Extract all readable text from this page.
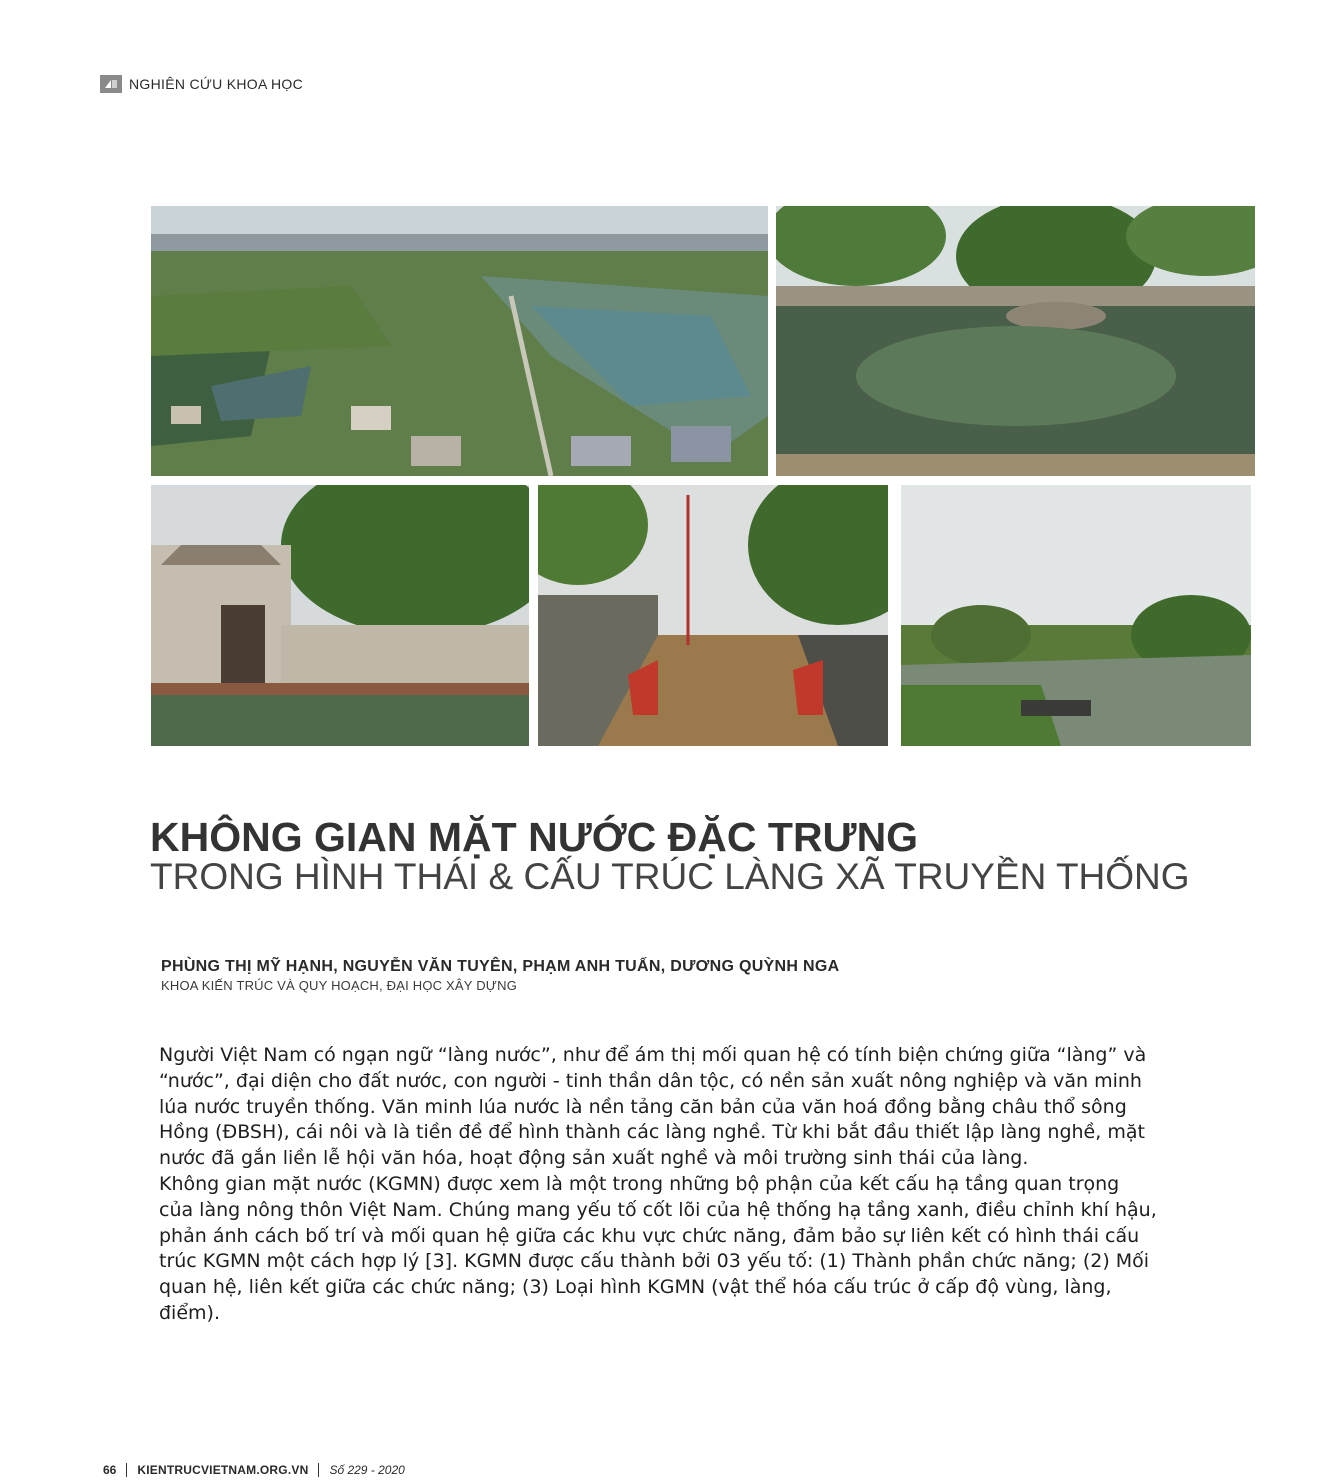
NGHIÊN CỨU KHOA HỌC
KHÔNG GIAN MẶT NƯỚC ĐẶC TRƯNG
TRONG HÌNH THÁI & CẤU TRÚC LÀNG XÃ TRUYỀN THỐNG
PHÙNG THỊ MỸ HẠNH, NGUYỄN VĂN TUYÊN, PHẠM ANH TUẤN, DƯƠNG QUỲNH NGA
KHOA KIẾN TRÚC VÀ QUY HOẠCH, ĐẠI HỌC XÂY DỰNG

Người Việt Nam có ngạn ngữ “làng nước”, như để ám thị mối quan hệ có tính biện chứng giữa “làng” và “nước”, đại diện cho đất nước, con người - tinh thần dân tộc, có nền sản xuất nông nghiệp và văn minh lúa nước truyền thống. Văn minh lúa nước là nền tảng căn bản của văn hoá đồng bằng châu thổ sông Hồng (ĐBSH), cái nôi và là tiền đề để hình thành các làng nghề. Từ khi bắt đầu thiết lập làng nghề, mặt nước đã gắn liền lễ hội văn hóa, hoạt động sản xuất nghề và môi trường sinh thái của làng.

Không gian mặt nước (KGMN) được xem là một trong những bộ phận của kết cấu hạ tầng quan trọng của làng nông thôn Việt Nam. Chúng mang yếu tố cốt lõi của hệ thống hạ tầng xanh, điều chỉnh khí hậu, phản ánh cách bố trí và mối quan hệ giữa các khu vực chức năng, đảm bảo sự liên kết có hình thái cấu trúc KGMN một cách hợp lý [3]. KGMN được cấu thành bởi 03 yếu tố: (1) Thành phần chức năng; (2) Mối quan hệ, liên kết giữa các chức năng; (3) Loại hình KGMN (vật thể hóa cấu trúc ở cấp độ vùng, làng, điểm).

66 KIENTRUCVIETNAM.ORG.VN Số 229 - 2020
